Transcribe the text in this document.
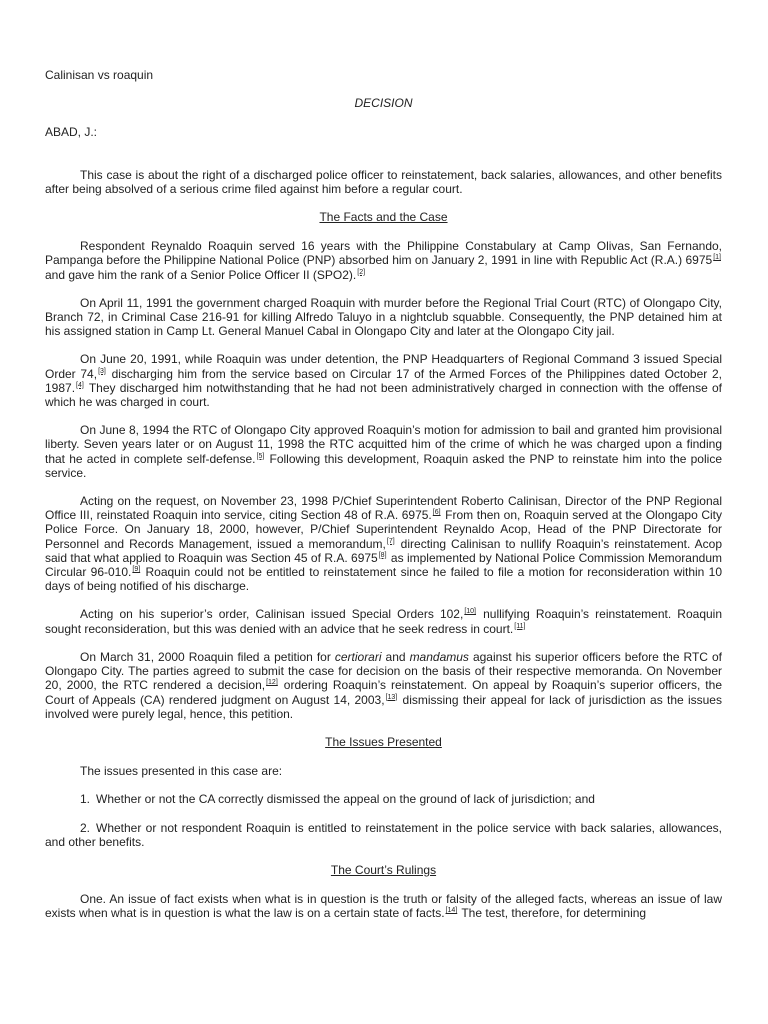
Calinisan vs roaquin

DECISION

ABAD, J.:

This case is about the right of a discharged police officer to reinstatement, back salaries, allowances, and other benefits after being absolved of a serious crime filed against him before a regular court.

The Facts and the Case

Respondent Reynaldo Roaquin served 16 years with the Philippine Constabulary at Camp Olivas, San Fernando, Pampanga before the Philippine National Police (PNP) absorbed him on January 2, 1991 in line with Republic Act (R.A.) 6975[1] and gave him the rank of a Senior Police Officer II (SPO2).[2]

On April 11, 1991 the government charged Roaquin with murder before the Regional Trial Court (RTC) of Olongapo City, Branch 72, in Criminal Case 216-91 for killing Alfredo Taluyo in a nightclub squabble. Consequently, the PNP detained him at his assigned station in Camp Lt. General Manuel Cabal in Olongapo City and later at the Olongapo City jail.

On June 20, 1991, while Roaquin was under detention, the PNP Headquarters of Regional Command 3 issued Special Order 74,[3] discharging him from the service based on Circular 17 of the Armed Forces of the Philippines dated October 2, 1987.[4] They discharged him notwithstanding that he had not been administratively charged in connection with the offense of which he was charged in court.

On June 8, 1994 the RTC of Olongapo City approved Roaquin’s motion for admission to bail and granted him provisional liberty. Seven years later or on August 11, 1998 the RTC acquitted him of the crime of which he was charged upon a finding that he acted in complete self-defense.[5] Following this development, Roaquin asked the PNP to reinstate him into the police service.

Acting on the request, on November 23, 1998 P/Chief Superintendent Roberto Calinisan, Director of the PNP Regional Office III, reinstated Roaquin into service, citing Section 48 of R.A. 6975.[6] From then on, Roaquin served at the Olongapo City Police Force. On January 18, 2000, however, P/Chief Superintendent Reynaldo Acop, Head of the PNP Directorate for Personnel and Records Management, issued a memorandum,[7] directing Calinisan to nullify Roaquin’s reinstatement. Acop said that what applied to Roaquin was Section 45 of R.A. 6975[8] as implemented by National Police Commission Memorandum Circular 96-010.[9] Roaquin could not be entitled to reinstatement since he failed to file a motion for reconsideration within 10 days of being notified of his discharge.

Acting on his superior’s order, Calinisan issued Special Orders 102,[10] nullifying Roaquin’s reinstatement. Roaquin sought reconsideration, but this was denied with an advice that he seek redress in court.[11]

On March 31, 2000 Roaquin filed a petition for certiorari and mandamus against his superior officers before the RTC of Olongapo City. The parties agreed to submit the case for decision on the basis of their respective memoranda. On November 20, 2000, the RTC rendered a decision,[12] ordering Roaquin’s reinstatement. On appeal by Roaquin’s superior officers, the Court of Appeals (CA) rendered judgment on August 14, 2003,[13] dismissing their appeal for lack of jurisdiction as the issues involved were purely legal, hence, this petition.

The Issues Presented

The issues presented in this case are:

1. Whether or not the CA correctly dismissed the appeal on the ground of lack of jurisdiction; and

2. Whether or not respondent Roaquin is entitled to reinstatement in the police service with back salaries, allowances, and other benefits.

The Court’s Rulings

One. An issue of fact exists when what is in question is the truth or falsity of the alleged facts, whereas an issue of law exists when what is in question is what the law is on a certain state of facts.[14] The test, therefore, for determining
